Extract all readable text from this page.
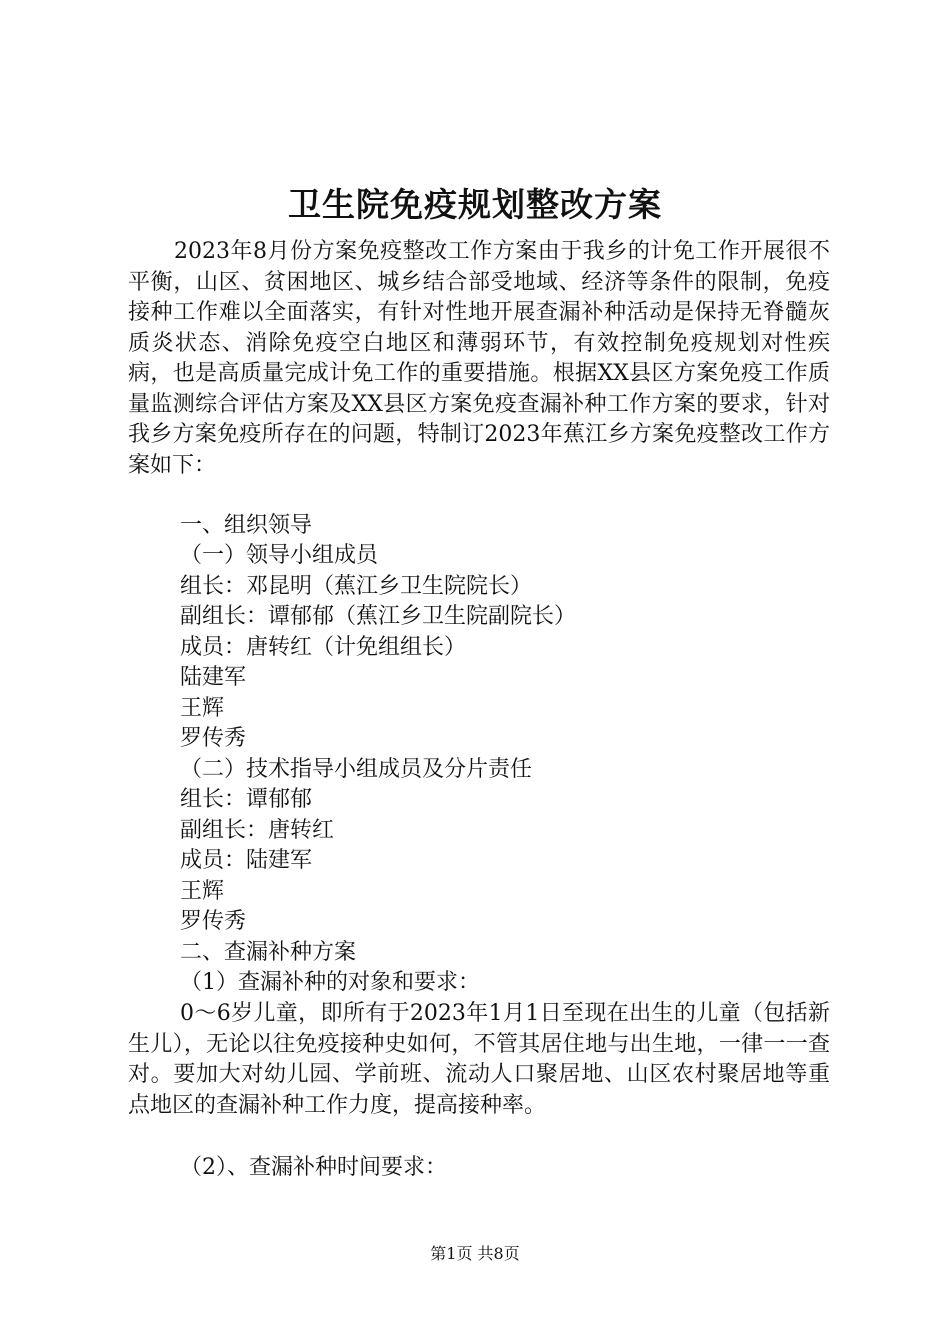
卫生院免疫规划整改方案
2023年8月份方案免疫整改工作方案由于我乡的计免工作开展很不平衡，山区、贫困地区、城乡结合部受地域、经济等条件的限制，免疫接种工作难以全面落实，有针对性地开展查漏补种活动是保持无脊髓灰质炎状态、消除免疫空白地区和薄弱环节，有效控制免疫规划对性疾病，也是高质量完成计免工作的重要措施。根据XX县区方案免疫工作质量监测综合评估方案及XX县区方案免疫查漏补种工作方案的要求，针对我乡方案免疫所存在的问题，特制订2023年蕉江乡方案免疫整改工作方案如下：
一、组织领导
（一）领导小组成员
组长：邓昆明（蕉江乡卫生院院长）
副组长：谭郁郁（蕉江乡卫生院副院长）
成员：唐转红（计免组组长）
陆建军
王辉
罗传秀
（二）技术指导小组成员及分片责任
组长：谭郁郁
副组长：唐转红
成员：陆建军
王辉
罗传秀
二、查漏补种方案
（1）查漏补种的对象和要求：
0～6岁儿童，即所有于2023年1月1日至现在出生的儿童（包括新生儿），无论以往免疫接种史如何，不管其居住地与出生地，一律一一查对。要加大对幼儿园、学前班、流动人口聚居地、山区农村聚居地等重点地区的查漏补种工作力度，提高接种率。
（2）、查漏补种时间要求：
第1页 共8页
